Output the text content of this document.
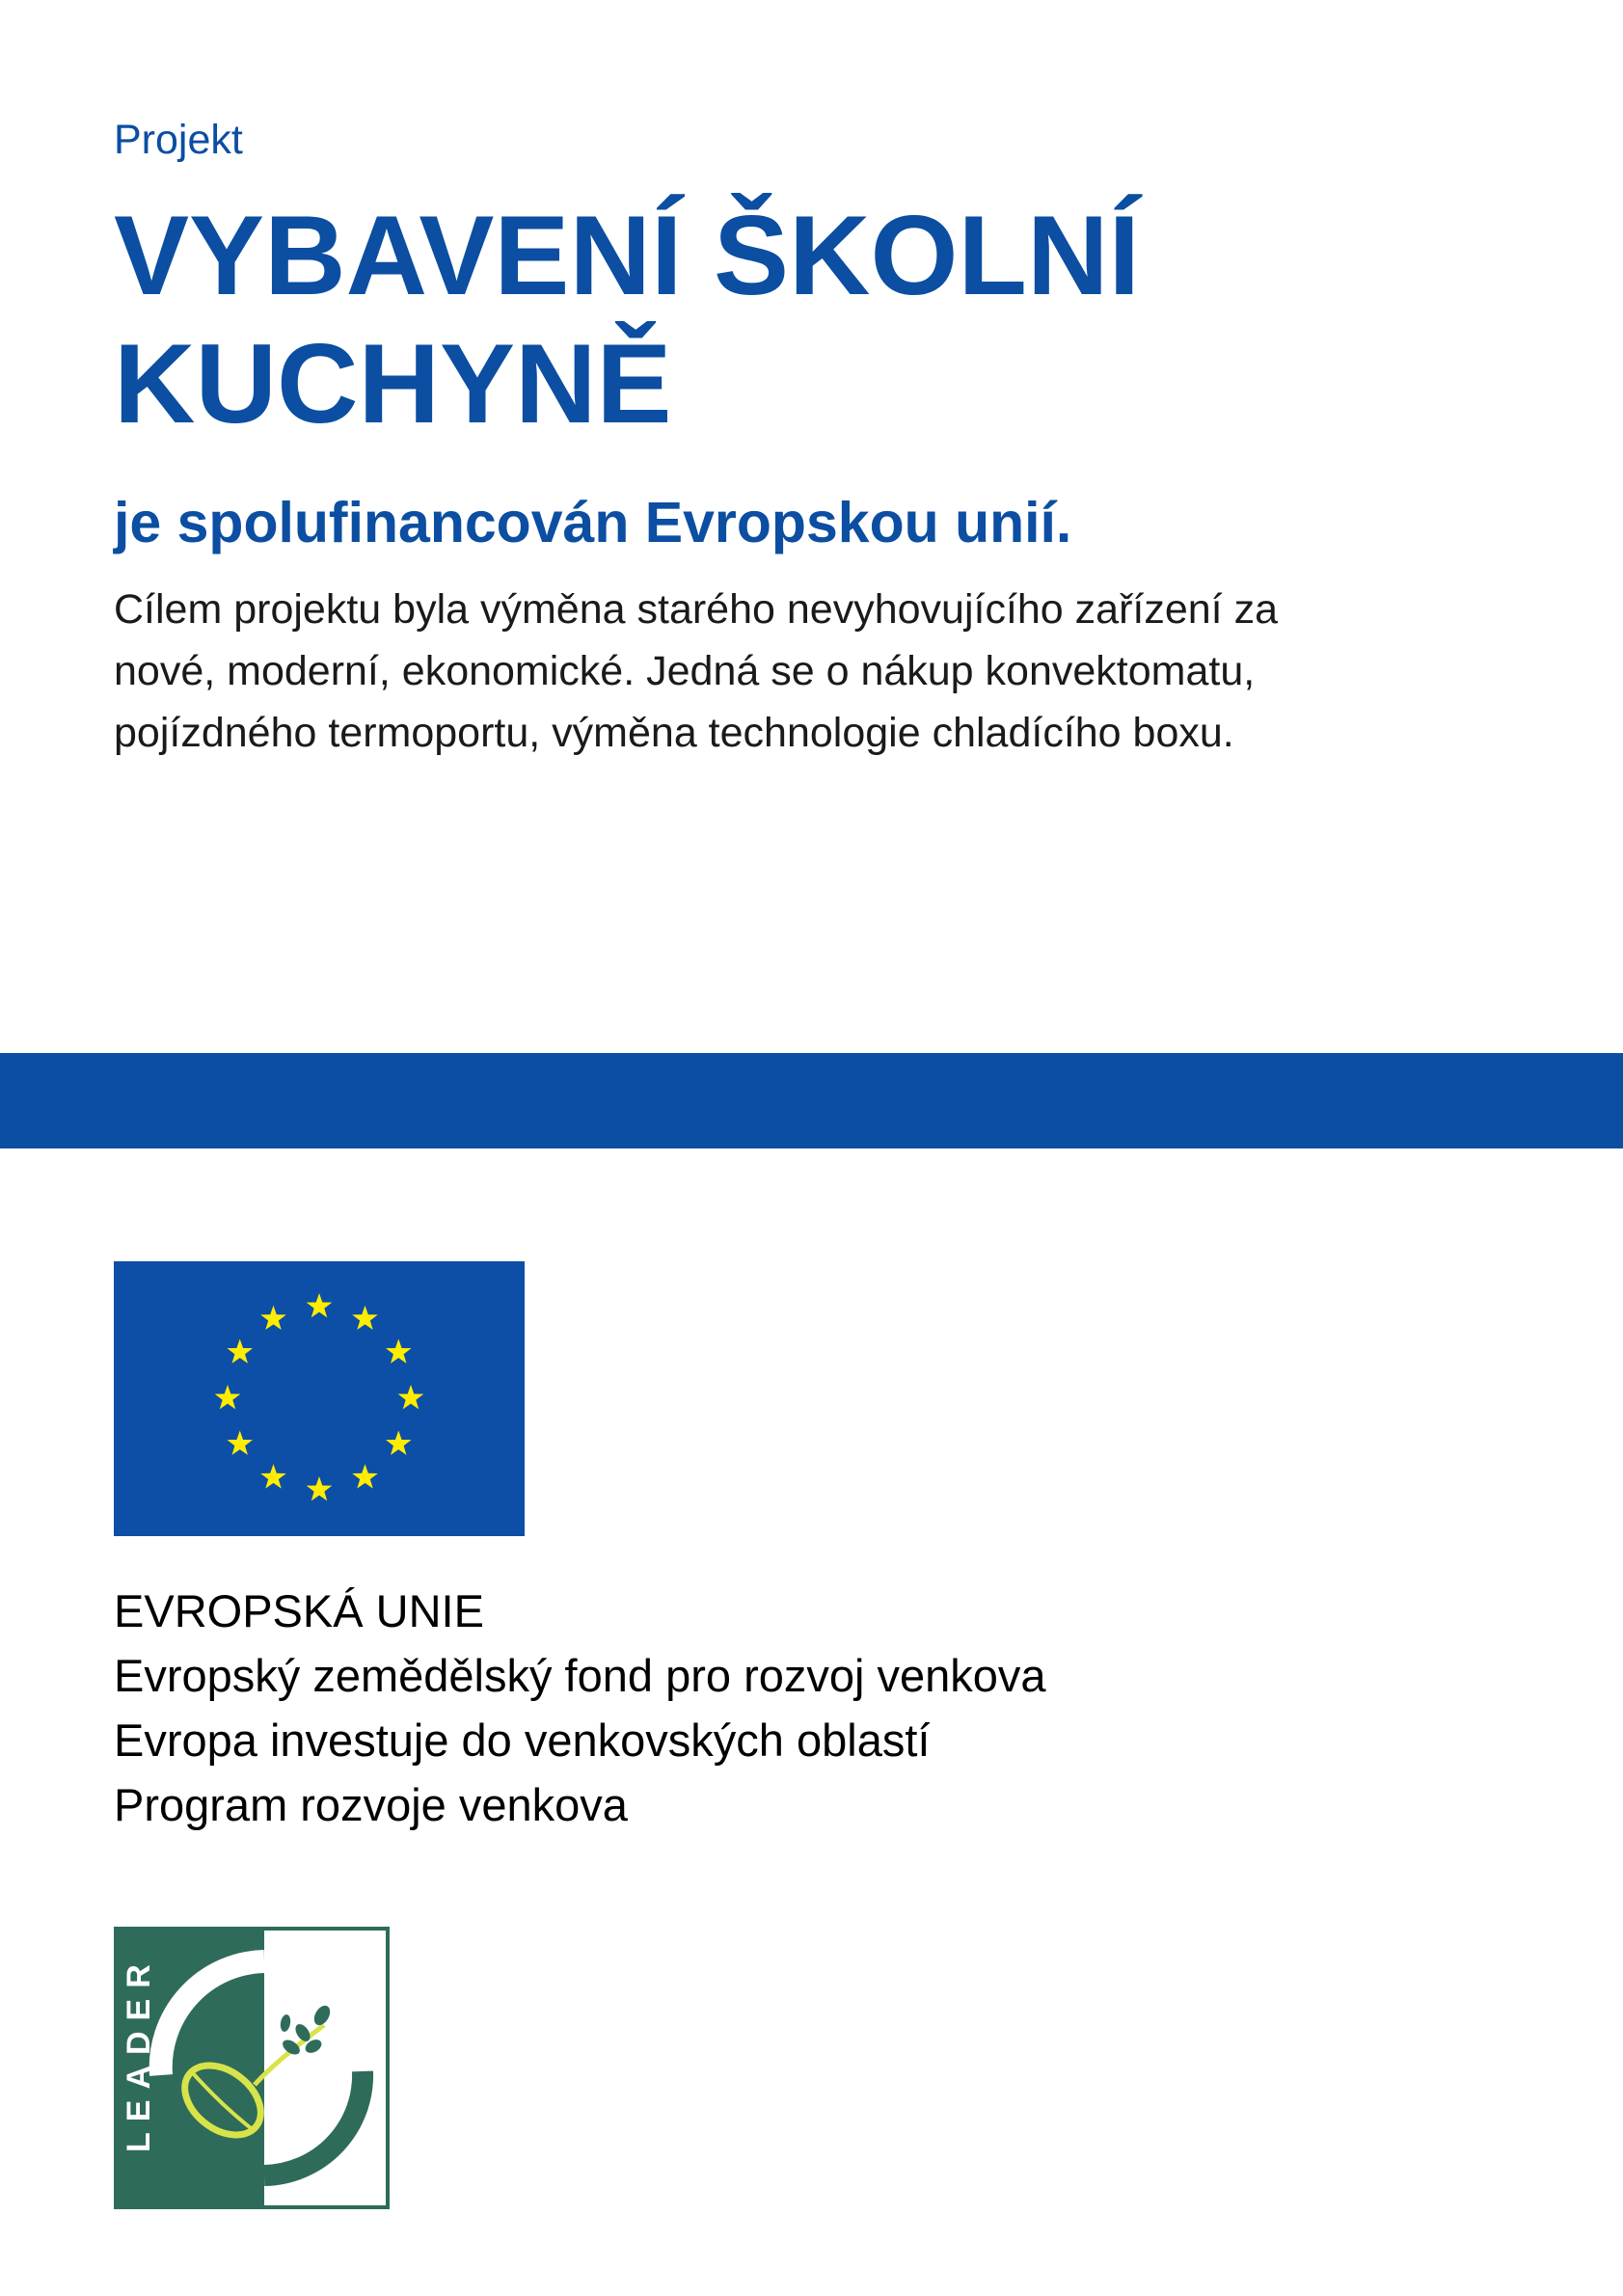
Projekt
VYBAVENÍ ŠKOLNÍ
KUCHYNĚ
je spolufinancován Evropskou unií.
Cílem projektu byla výměna starého nevyhovujícího zařízení za
nové, moderní, ekonomické. Jedná se o nákup konvektomatu,
pojízdného termoportu, výměna technologie chladícího boxu.
EVROPSKÁ UNIE
Evropský zemědělský fond pro rozvoj venkova
Evropa investuje do venkovských oblastí
Program rozvoje venkova
LEADER
